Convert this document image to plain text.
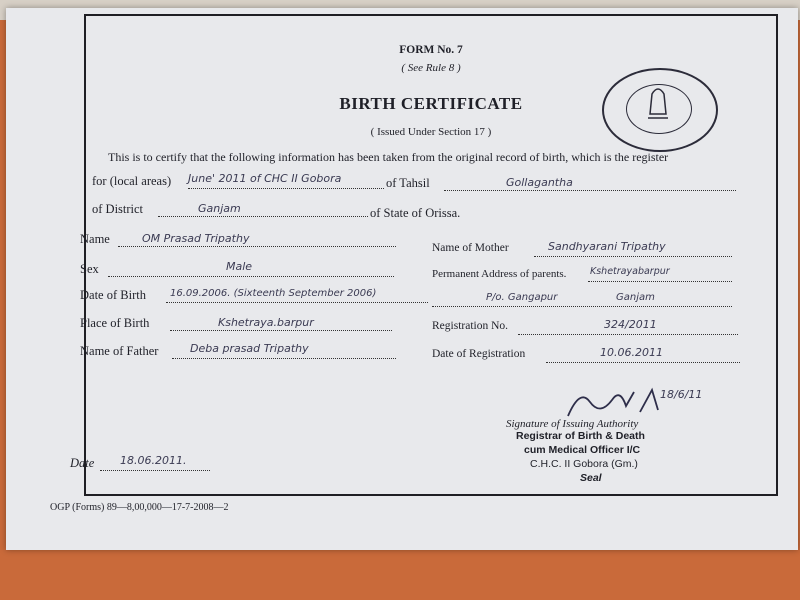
FORM No. 7
( See Rule 8 )
BIRTH CERTIFICATE
( Issued Under Section 17 )
This is to certify that the following information has been taken from the original record of birth, which is the register
for (local areas) June' 2011 of CHC II Gobora	of Tahsil	Gollagantha
of District	Ganjam	of State of Orissa.
Name	OM Prasad Tripathy
Sex	Male
Date of Birth 16.09.2006. (Sixteenth September 2006)
Place of Birth	Kshetraya.barpur
Name of Father	Deba prasad Tripathy
Name of Mother	Sandhyarani Tripathy
Permanent Address of parents. Kshetrayabarpur
P/o. Gangapur	Ganjam
Registration No.	324/2011
Date of Registration	10.06.2011
18/6/11
Signature of Issuing Authority
Registrar of Birth & Death
cum Medical Officer I/C
C.H.C. II Gobora (Gm.)
Seal
Date 18.06.2011.
OGP (Forms) 89—8,00,000—17-7-2008—2
